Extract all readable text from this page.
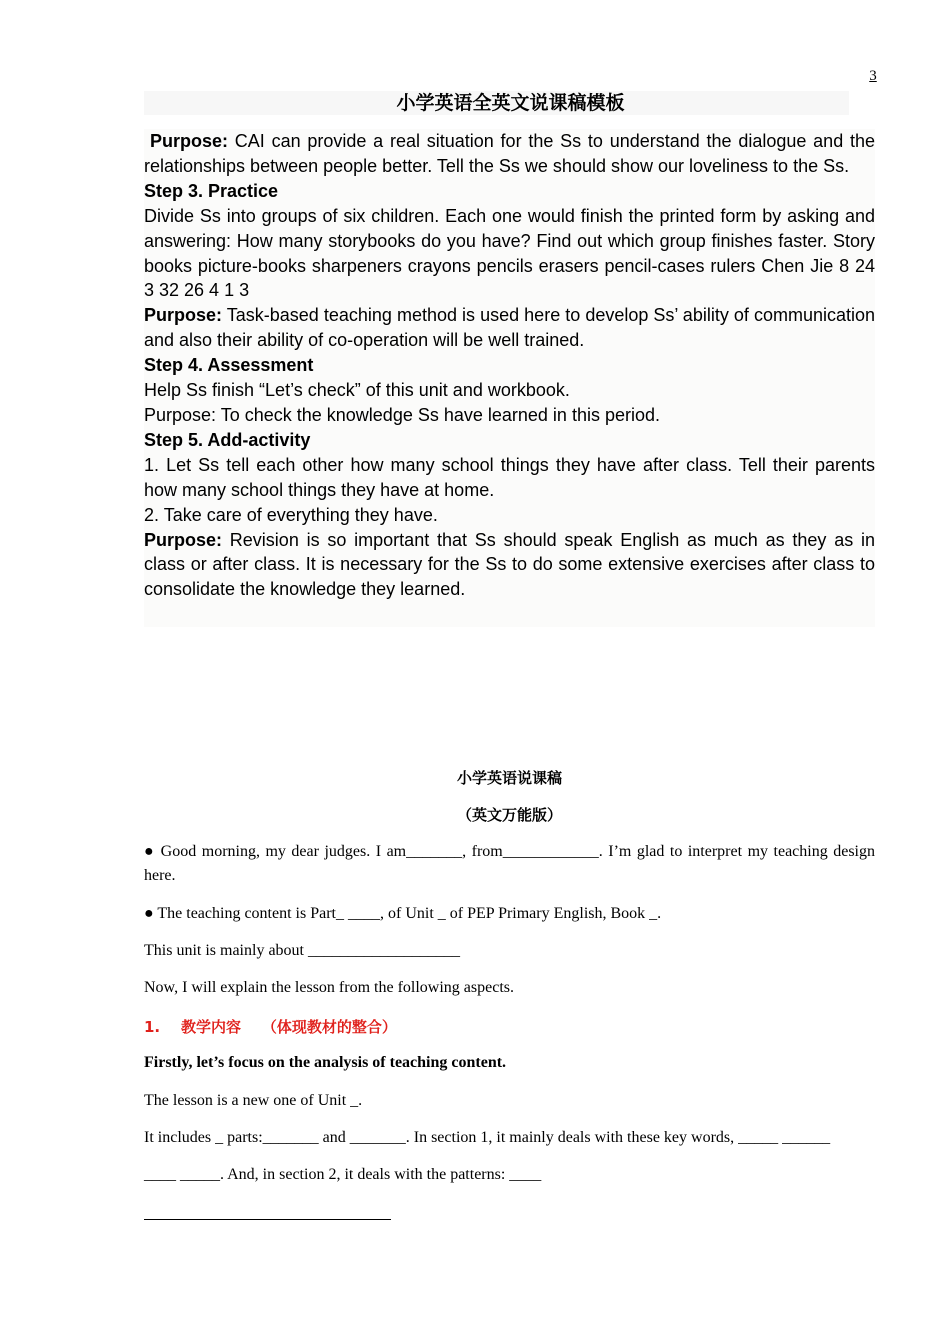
3
小学英语全英文说课稿模板

Purpose: CAI can provide a real situation for the Ss to understand the dialogue and the relationships between people better. Tell the Ss we should show our loveliness to the Ss.

Step 3. Practice

Divide Ss into groups of six children. Each one would finish the printed form by asking and answering: How many storybooks do you have? Find out which group finishes faster. Story books picture-books sharpeners crayons pencils erasers pencil-cases rulers Chen Jie 8 24 3 32 26 4 1 3

Purpose: Task-based teaching method is used here to develop Ss’ ability of communication and also their ability of co-operation will be well trained.

Step 4. Assessment

Help Ss finish “Let’s check” of this unit and workbook.

Purpose: To check the knowledge Ss have learned in this period.

Step 5. Add-activity

1. Let Ss tell each other how many school things they have after class. Tell their parents how many school things they have at home.

2. Take care of everything they have.

Purpose: Revision is so important that Ss should speak English as much as they as in class or after class. It is necessary for the Ss to do some extensive exercises after class to consolidate the knowledge they learned.

小学英语说课稿
（英文万能版）
● Good morning, my dear judges. I am_______, from____________. I’m glad to interpret my teaching design here.
● The teaching content is Part_ ____, of Unit _ of PEP Primary English, Book _.
This unit is mainly about ___________________
Now, I will explain the lesson from the following aspects.
1.    教学内容    （体现教材的整合）
Firstly, let’s focus on the analysis of teaching content.
The lesson is a new one of Unit _.
It includes _ parts:_______ and _______. In section 1, it mainly deals with these key words, _____ ______
____ _____. And, in section 2, it deals with the patterns: ____
